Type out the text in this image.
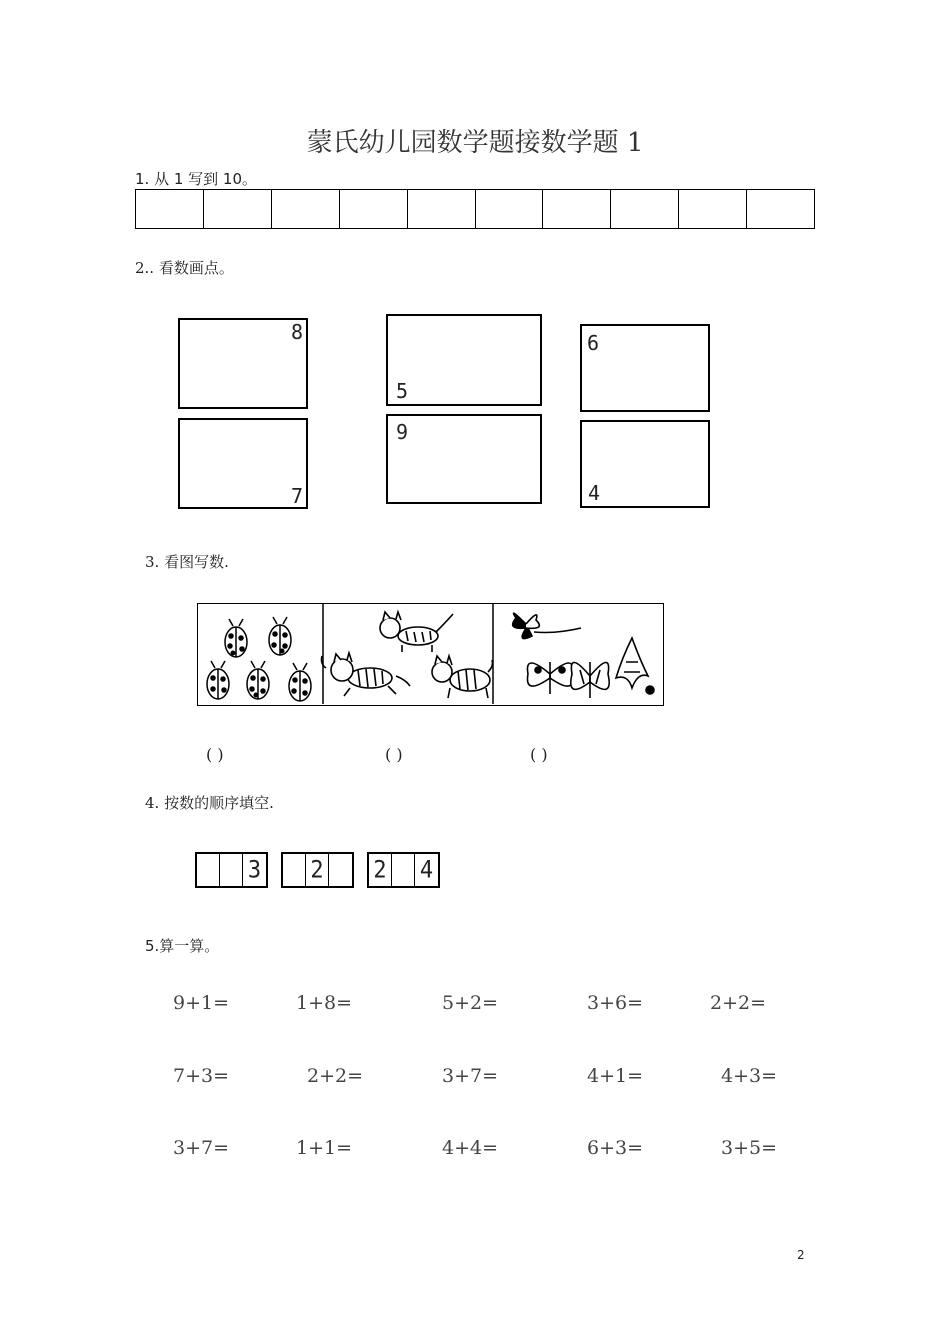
蒙氏幼儿园数学题接数学题 1
1. 从 1 写到 10。
2.. 看数画点。
8
5
6
7
9
4
3. 看图写数.
( )	( )	( )
4. 按数的顺序填空.
3 2 2 4
5.算一算。
9+1=	1+8=	5+2=	3+6=	2+2=
7+3=	2+2=	3+7=	4+1=	4+3=
3+7=	1+1=	4+4=	6+3=	3+5=
2
